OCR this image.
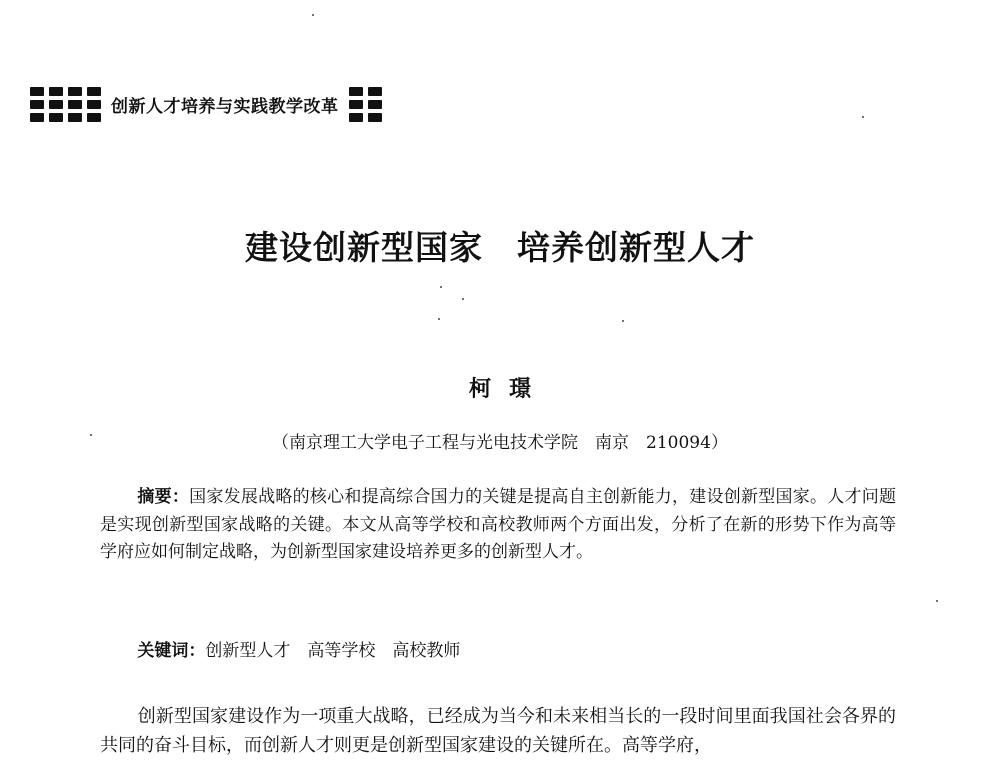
创新人才培养与实践教学改革
建设创新型国家　培养创新型人才
柯璟
（南京理工大学电子工程与光电技术学院　南京　210094）
摘要：国家发展战略的核心和提高综合国力的关键是提高自主创新能力，建设创新型国家。人才问题是实现创新型国家战略的关键。本文从高等学校和高校教师两个方面出发，分析了在新的形势下作为高等学府应如何制定战略，为创新型国家建设培养更多的创新型人才。
关键词：创新型人才　高等学校　高校教师
创新型国家建设作为一项重大战略，已经成为当今和未来相当长的一段时间里面我国社会各界的共同的奋斗目标，而创新人才则更是创新型国家建设的关键所在。高等学府，
